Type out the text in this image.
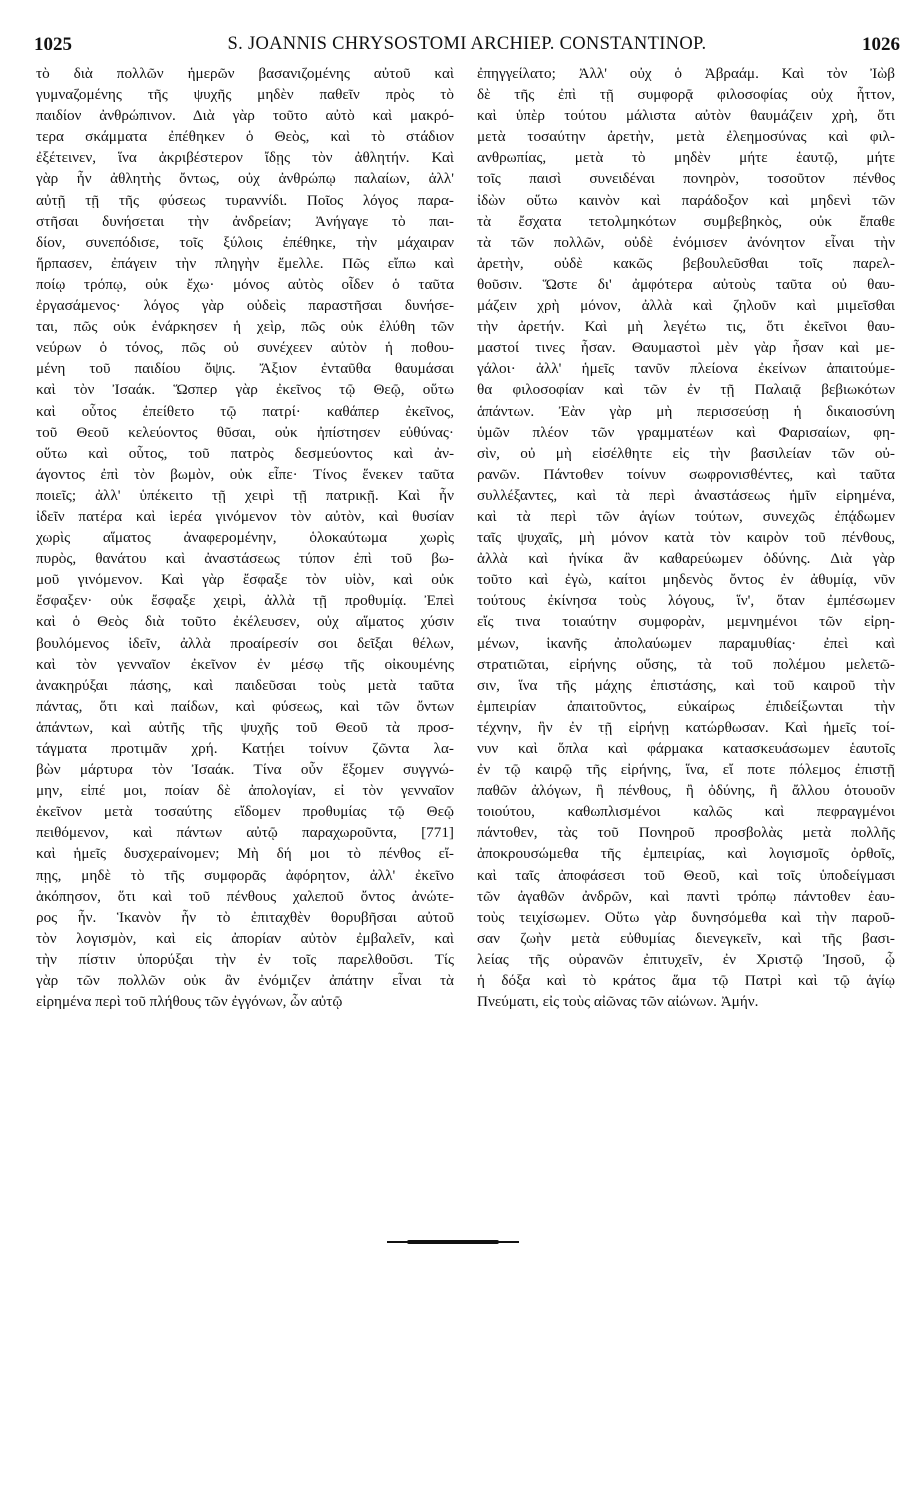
1025	S. JOANNIS CHRYSOSTOMI ARCHIEP. CONSTANTINOP.	1026
τὸ διὰ πολλῶν ἡμερῶν βασανιζομένης αὐτοῦ καὶ
γυμναζομένης τῆς ψυχῆς μηδὲν παθεῖν πρὸς τὸ
παιδίον ἀνθρώπινον. Διὰ γὰρ τοῦτο αὐτὸ καὶ μακρό-
τερα σκάμματα ἐπέθηκεν ὁ Θεὸς, καὶ τὸ στάδιον
ἐξέτεινεν, ἵνα ἀκριβέστερον ἴδῃς τὸν ἀθλητήν. Καὶ
γὰρ ἦν ἀθλητὴς ὄντως, οὐχ ἀνθρώπῳ παλαίων, ἀλλ'
αὐτῇ τῇ τῆς φύσεως τυραννίδι. Ποῖος λόγος παρα-
στῆσαι δυνήσεται τὴν ἀνδρείαν; Ἀνήγαγε τὸ παι-
δίον, συνεπόδισε, τοῖς ξύλοις ἐπέθηκε, τὴν μάχαιραν
ἥρπασεν, ἐπάγειν τὴν πληγὴν ἔμελλε. Πῶς εἴπω καὶ
ποίῳ τρόπῳ, οὐκ ἔχω· μόνος αὐτὸς οἶδεν ὁ ταῦτα
ἐργασάμενος· λόγος γὰρ οὐδεὶς παραστῆσαι δυνήσε-
ται, πῶς οὐκ ἐνάρκησεν ἡ χεὶρ, πῶς οὐκ ἐλύθη τῶν
νεύρων ὁ τόνος, πῶς οὐ συνέχεεν αὐτὸν ἡ ποθου-
μένη τοῦ παιδίου ὄψις. Ἄξιον ἐνταῦθα θαυμάσαι
καὶ τὸν Ἰσαάκ. Ὥσπερ γὰρ ἐκεῖνος τῷ Θεῷ, οὕτω
καὶ οὗτος ἐπείθετο τῷ πατρί· καθάπερ ἐκεῖνος,
τοῦ Θεοῦ κελεύοντος θῦσαι, οὐκ ἠπίστησεν εὐθύνας·
οὕτω καὶ οὗτος, τοῦ πατρὸς δεσμεύοντος καὶ ἀν-
άγοντος ἐπὶ τὸν βωμὸν, οὐκ εἶπε· Τίνος ἕνεκεν ταῦτα
ποιεῖς; ἀλλ' ὑπέκειτο τῇ χειρὶ τῇ πατρικῇ. Καὶ ἦν
ἰδεῖν πατέρα καὶ ἱερέα γινόμενον τὸν αὐτὸν, καὶ θυσίαν
χωρὶς αἵματος ἀναφερομένην, ὁλοκαύτωμα χωρὶς
πυρὸς, θανάτου καὶ ἀναστάσεως τύπον ἐπὶ τοῦ βω-
μοῦ γινόμενον. Καὶ γὰρ ἔσφαξε τὸν υἱὸν, καὶ οὐκ
ἔσφαξεν· οὐκ ἔσφαξε χειρὶ, ἀλλὰ τῇ προθυμίᾳ. Ἐπεὶ
καὶ ὁ Θεὸς διὰ τοῦτο ἐκέλευσεν, οὐχ αἵματος χύσιν
βουλόμενος ἰδεῖν, ἀλλὰ προαίρεσίν σοι δεῖξαι θέλων,
καὶ τὸν γενναῖον ἐκεῖνον ἐν μέσῳ τῆς οἰκουμένης
ἀνακηρύξαι πάσης, καὶ παιδεῦσαι τοὺς μετὰ ταῦτα
πάντας, ὅτι καὶ παίδων, καὶ φύσεως, καὶ τῶν ὄντων
ἁπάντων, καὶ αὐτῆς τῆς ψυχῆς τοῦ Θεοῦ τὰ προσ-
τάγματα προτιμᾶν χρή. Κατῄει τοίνυν ζῶντα λα-
βὼν μάρτυρα τὸν Ἰσαάκ. Τίνα οὖν ἕξομεν συγγνώ-
μην, εἰπέ μοι, ποίαν δὲ ἀπολογίαν, εἰ τὸν γενναῖον
ἐκεῖνον μετὰ τοσαύτης εἴδομεν προθυμίας τῷ Θεῷ
πειθόμενον, καὶ πάντων αὐτῷ παραχωροῦντα, [771]
καὶ ἡμεῖς δυσχεραίνομεν; Μὴ δή μοι τὸ πένθος εἴ-
πῃς, μηδὲ τὸ τῆς συμφορᾶς ἀφόρητον, ἀλλ' ἐκεῖνο
ἀκόπησον, ὅτι καὶ τοῦ πένθους χαλεποῦ ὄντος ἀνώτε-
ρος ἦν. Ἱκανὸν ἦν τὸ ἐπιταχθὲν θορυβῆσαι αὐτοῦ
τὸν λογισμὸν, καὶ εἰς ἀπορίαν αὐτὸν ἐμβαλεῖν, καὶ
τὴν πίστιν ὑπορύξαι τὴν ἐν τοῖς παρελθοῦσι. Τίς
γὰρ τῶν πολλῶν οὐκ ἂν ἐνόμιζεν ἀπάτην εἶναι τὰ
εἰρημένα περὶ τοῦ πλήθους τῶν ἐγγόνων, ὧν αὐτῷ
ἐπηγγείλατο; Ἀλλ' οὐχ ὁ Ἀβραάμ. Καὶ τὸν Ἰὼβ
δὲ τῆς ἐπὶ τῇ συμφορᾷ φιλοσοφίας οὐχ ἧττον,
καὶ ὑπὲρ τούτου μάλιστα αὐτὸν θαυμάζειν χρὴ, ὅτι
μετὰ τοσαύτην ἀρετὴν, μετὰ ἐλεημοσύνας καὶ φιλ-
ανθρωπίας, μετὰ τὸ μηδὲν μήτε ἑαυτῷ, μήτε
τοῖς παισὶ συνειδέναι πονηρὸν, τοσοῦτον πένθος
ἰδὼν οὕτω καινὸν καὶ παράδοξον καὶ μηδενὶ τῶν
τὰ ἔσχατα τετολμηκότων συμβεβηκὸς, οὐκ ἔπαθε
τὰ τῶν πολλῶν, οὐδὲ ἐνόμισεν ἀνόνητον εἶναι τὴν
ἀρετὴν, οὐδὲ κακῶς βεβουλεῦσθαι τοῖς παρελ-
θοῦσιν. Ὥστε δι' ἀμφότερα αὐτοὺς ταῦτα οὐ θαυ-
μάζειν χρὴ μόνον, ἀλλὰ καὶ ζηλοῦν καὶ μιμεῖσθαι
τὴν ἀρετήν. Καὶ μὴ λεγέτω τις, ὅτι ἐκεῖνοι θαυ-
μαστοί τινες ἦσαν. Θαυμαστοὶ μὲν γὰρ ἦσαν καὶ με-
γάλοι· ἀλλ' ἡμεῖς τανῦν πλείονα ἐκείνων ἀπαιτούμε-
θα φιλοσοφίαν καὶ τῶν ἐν τῇ Παλαιᾷ βεβιωκότων
ἁπάντων. Ἐὰν γὰρ μὴ περισσεύσῃ ἡ δικαιοσύνη
ὑμῶν πλέον τῶν γραμματέων καὶ Φαρισαίων, φη-
σὶν, οὐ μὴ εἰσέλθητε εἰς τὴν βασιλείαν τῶν οὐ-
ρανῶν. Πάντοθεν τοίνυν σωφρονισθέντες, καὶ ταῦτα
συλλέξαντες, καὶ τὰ περὶ ἀναστάσεως ἡμῖν εἰρημένα,
καὶ τὰ περὶ τῶν ἁγίων τούτων, συνεχῶς ἐπᾴδωμεν
ταῖς ψυχαῖς, μὴ μόνον κατὰ τὸν καιρὸν τοῦ πένθους,
ἀλλὰ καὶ ἡνίκα ἂν καθαρεύωμεν ὀδύνης. Διὰ γὰρ
τοῦτο καὶ ἐγὼ, καίτοι μηδενὸς ὄντος ἐν ἀθυμίᾳ, νῦν
τούτους ἐκίνησα τοὺς λόγους, ἵν', ὅταν ἐμπέσωμεν
εἴς τινα τοιαύτην συμφορὰν, μεμνημένοι τῶν εἰρη-
μένων, ἱκανῆς ἀπολαύωμεν παραμυθίας· ἐπεὶ καὶ
στρατιῶται, εἰρήνης οὔσης, τὰ τοῦ πολέμου μελετῶ-
σιν, ἵνα τῆς μάχης ἐπιστάσης, καὶ τοῦ καιροῦ τὴν
ἐμπειρίαν ἀπαιτοῦντος, εὐκαίρως ἐπιδείξωνται τὴν
τέχνην, ἣν ἐν τῇ εἰρήνῃ κατώρθωσαν. Καὶ ἡμεῖς τοί-
νυν καὶ ὅπλα καὶ φάρμακα κατασκευάσωμεν ἑαυτοῖς
ἐν τῷ καιρῷ τῆς εἰρήνης, ἵνα, εἴ ποτε πόλεμος ἐπιστῇ
παθῶν ἀλόγων, ἢ πένθους, ἢ ὀδύνης, ἢ ἄλλου ὁτουοῦν
τοιούτου, καθωπλισμένοι καλῶς καὶ πεφραγμένοι
πάντοθεν, τὰς τοῦ Πονηροῦ προσβολὰς μετὰ πολλῆς
ἀποκρουσώμεθα τῆς ἐμπειρίας, καὶ λογισμοῖς ὀρθοῖς,
καὶ ταῖς ἀποφάσεσι τοῦ Θεοῦ, καὶ τοῖς ὑποδείγμασι
τῶν ἀγαθῶν ἀνδρῶν, καὶ παντὶ τρόπῳ πάντοθεν ἑαυ-
τοὺς τειχίσωμεν. Οὕτω γὰρ δυνησόμεθα καὶ τὴν παροῦ-
σαν ζωὴν μετὰ εὐθυμίας διενεγκεῖν, καὶ τῆς βασι-
λείας τῆς οὐρανῶν ἐπιτυχεῖν, ἐν Χριστῷ Ἰησοῦ, ᾧ
ἡ δόξα καὶ τὸ κράτος ἅμα τῷ Πατρὶ καὶ τῷ ἁγίῳ
Πνεύματι, εἰς τοὺς αἰῶνας τῶν αἰώνων. Ἀμήν.
